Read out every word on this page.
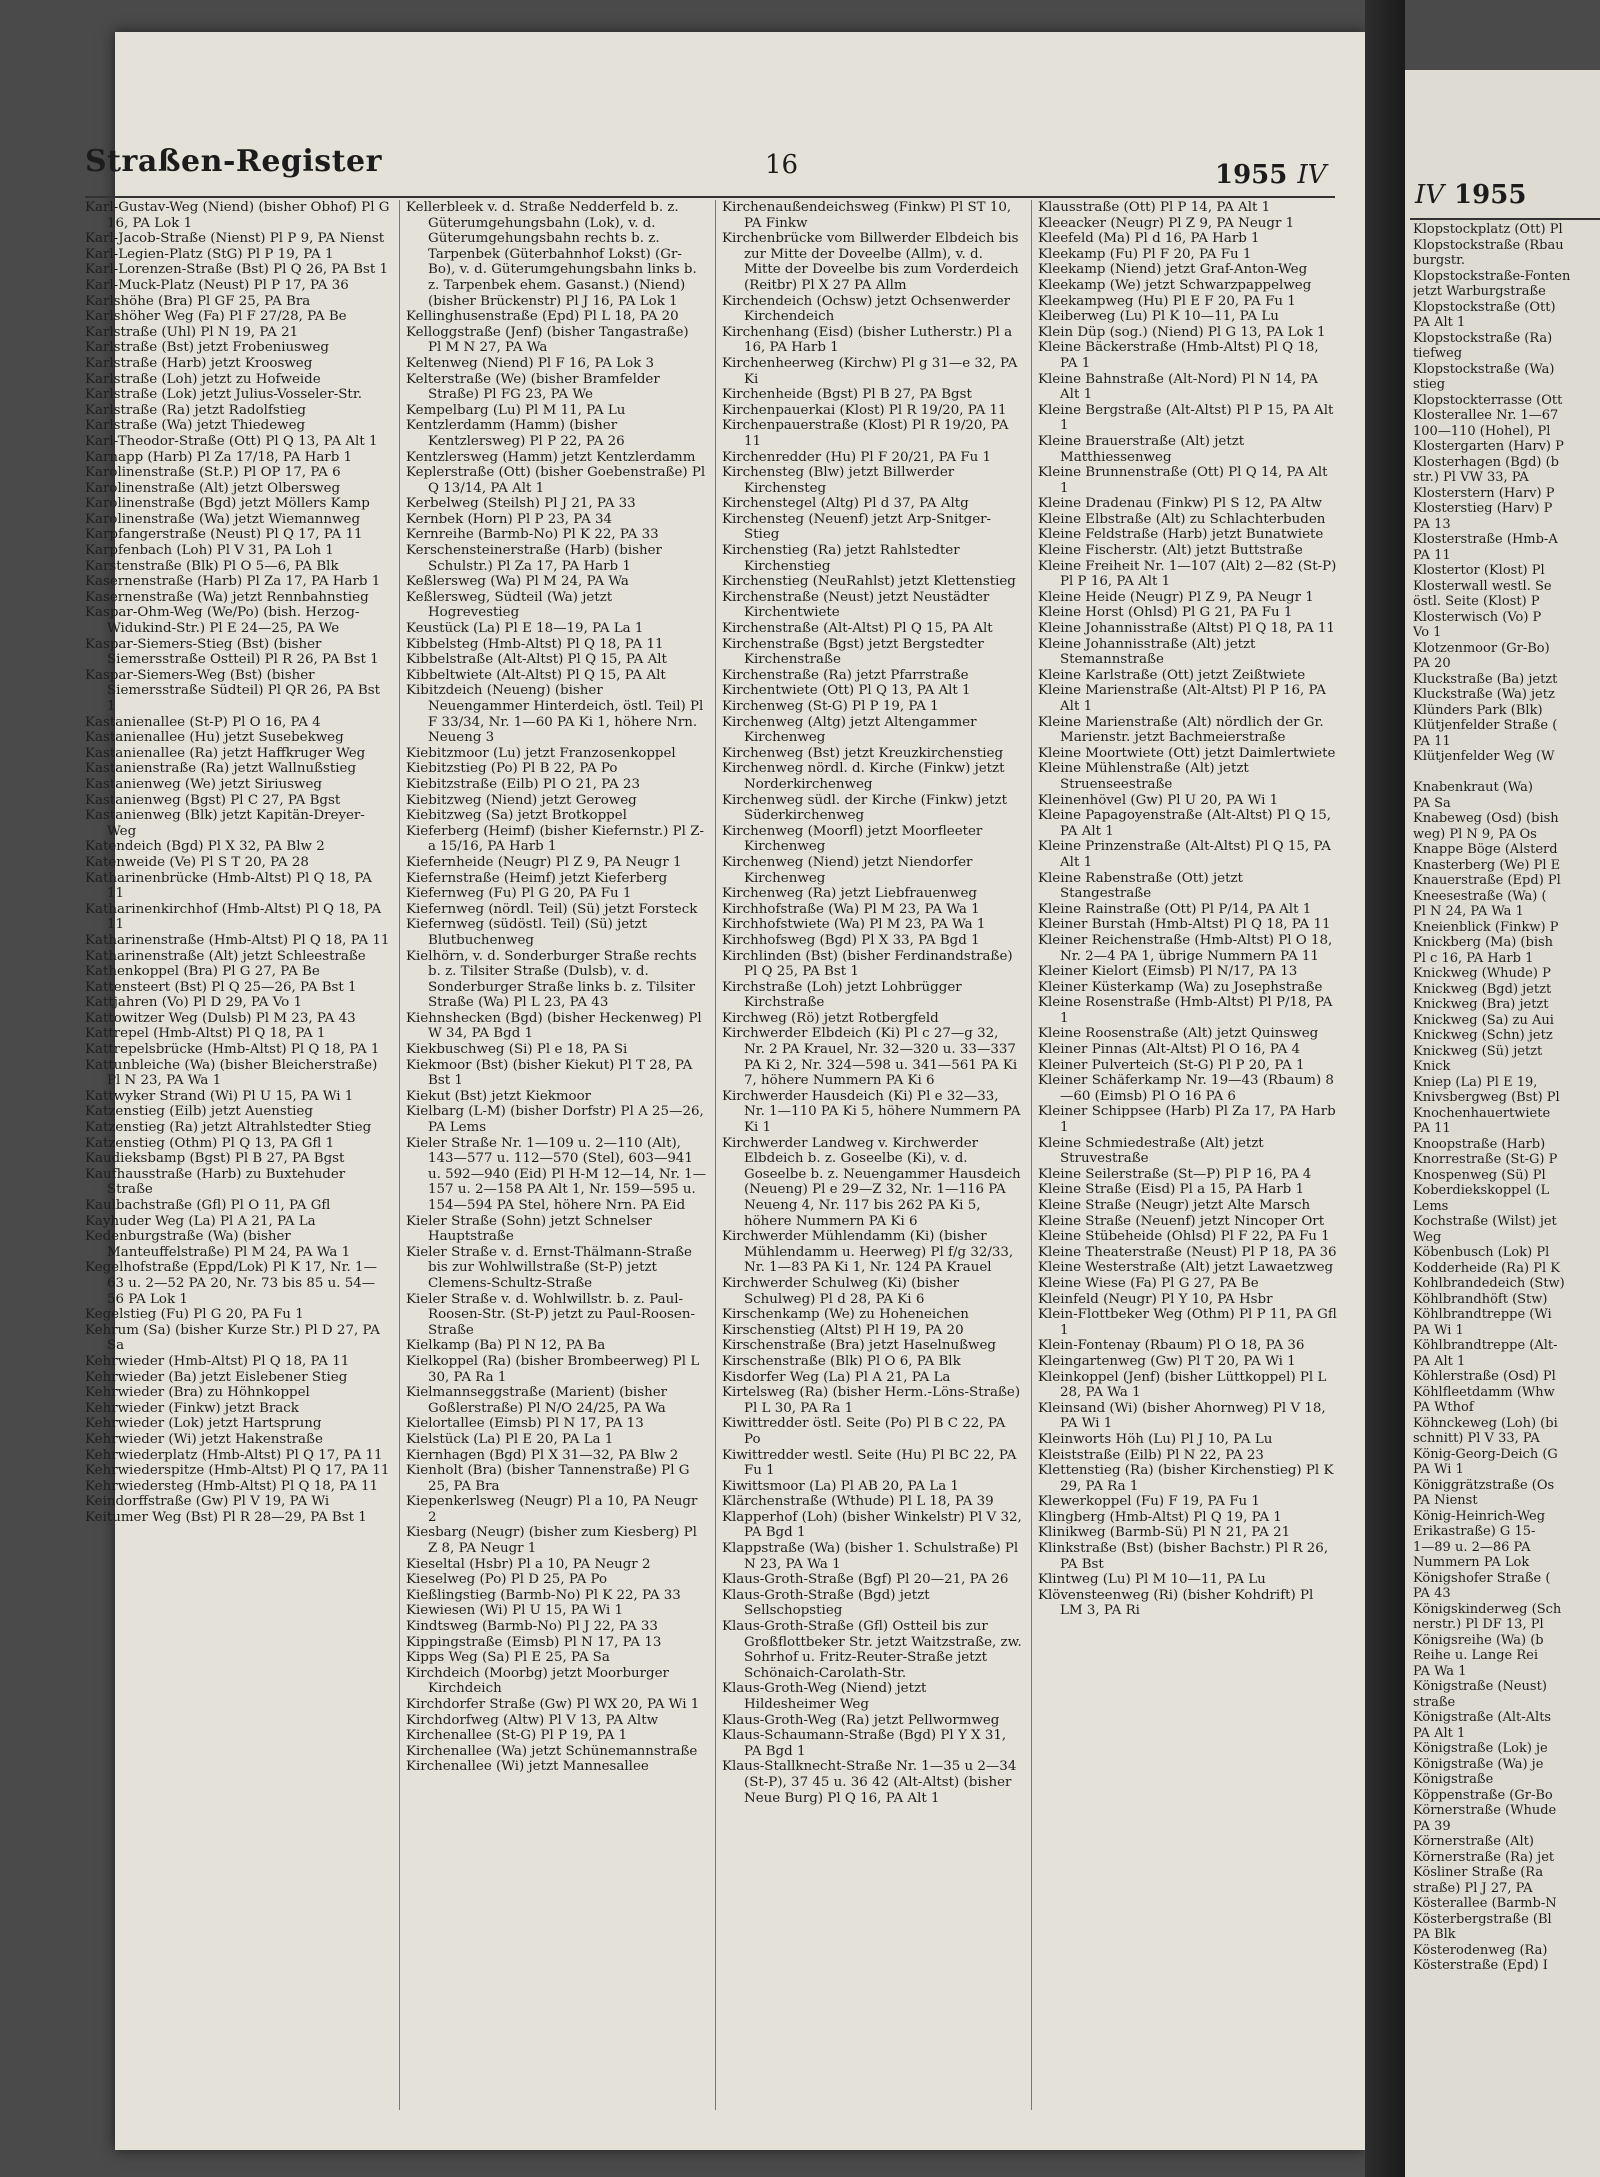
Straßen-Register	16	1955 IV

Karl-Gustav-Weg (Niend) (bisher Obhof) Pl G 16, PA Lok 1

Karl-Jacob-Straße (Nienst) Pl P 9, PA Nienst

Karl-Legien-Platz (StG) Pl P 19, PA 1

Karl-Lorenzen-Straße (Bst) Pl Q 26, PA Bst 1

Karl-Muck-Platz (Neust) Pl P 17, PA 36

Karlshöhe (Bra) Pl GF 25, PA Bra

Karlshöher Weg (Fa) Pl F 27/28, PA Be

Karlstraße (Uhl) Pl N 19, PA 21

Karlstraße (Bst) jetzt Frobeniusweg

Karlstraße (Harb) jetzt Kroosweg

Karlstraße (Loh) jetzt zu Hofweide

Karlstraße (Lok) jetzt Julius-Vosseler-Str.

Karlstraße (Ra) jetzt Radolfstieg

Karlstraße (Wa) jetzt Thiedeweg

Karl-Theodor-Straße (Ott) Pl Q 13, PA Alt 1

Karnapp (Harb) Pl Za 17/18, PA Harb 1

Karolinenstraße (St.P.) Pl OP 17, PA 6

Karolinenstraße (Alt) jetzt Olbersweg

Karolinenstraße (Bgd) jetzt Möllers Kamp

Karolinenstraße (Wa) jetzt Wiemannweg

Karpfangerstraße (Neust) Pl Q 17, PA 11

Karpfenbach (Loh) Pl V 31, PA Loh 1

Karstenstraße (Blk) Pl O 5—6, PA Blk

Kasernenstraße (Harb) Pl Za 17, PA Harb 1

Kasernenstraße (Wa) jetzt Rennbahnstieg

Kaspar-Ohm-Weg (We/Po) (bish. Herzog-Widukind-Str.) Pl E 24—25, PA We

Kaspar-Siemers-Stieg (Bst) (bisher Siemersstraße Ostteil) Pl R 26, PA Bst 1

Kaspar-Siemers-Weg (Bst) (bisher Siemersstraße Südteil) Pl QR 26, PA Bst 1

Kastanienallee (St-P) Pl O 16, PA 4

Kastanienallee (Hu) jetzt Susebekweg

Kastanienallee (Ra) jetzt Haffkruger Weg

Kastanienstraße (Ra) jetzt Wallnußstieg

Kastanienweg (We) jetzt Siriusweg

Kastanienweg (Bgst) Pl C 27, PA Bgst

Kastanienweg (Blk) jetzt Kapitän-Dreyer-Weg

Katendeich (Bgd) Pl X 32, PA Blw 2

Katenweide (Ve) Pl S T 20, PA 28

Katharinenbrücke (Hmb-Altst) Pl Q 18, PA 11

Katharinenkirchhof (Hmb-Altst) Pl Q 18, PA 11

Katharinenstraße (Hmb-Altst) Pl Q 18, PA 11

Katharinenstraße (Alt) jetzt Schleestraße

Kathenkoppel (Bra) Pl G 27, PA Be

Kattensteert (Bst) Pl Q 25—26, PA Bst 1

Kattjahren (Vo) Pl D 29, PA Vo 1

Kattowitzer Weg (Dulsb) Pl M 23, PA 43

Kattrepel (Hmb-Altst) Pl Q 18, PA 1

Kattrepelsbrücke (Hmb-Altst) Pl Q 18, PA 1

Kattunbleiche (Wa) (bisher Bleicherstraße) Pl N 23, PA Wa 1

Kattwyker Strand (Wi) Pl U 15, PA Wi 1

Katzenstieg (Eilb) jetzt Auenstieg

Katzenstieg (Ra) jetzt Altrahlstedter Stieg

Katzenstieg (Othm) Pl Q 13, PA Gfl 1

Kaudieksbamp (Bgst) Pl B 27, PA Bgst

Kaufhausstraße (Harb) zu Buxtehuder Straße

Kaulbachstraße (Gfl) Pl O 11, PA Gfl

Kayhuder Weg (La) Pl A 21, PA La

Kedenburgstraße (Wa) (bisher Manteuffelstraße) Pl M 24, PA Wa 1

Kegelhofstraße (Eppd/Lok) Pl K 17, Nr. 1—63 u. 2—52 PA 20, Nr. 73 bis 85 u. 54—56 PA Lok 1

Kegelstieg (Fu) Pl G 20, PA Fu 1

Kehrum (Sa) (bisher Kurze Str.) Pl D 27, PA Sa

Kehrwieder (Hmb-Altst) Pl Q 18, PA 11

Kehrwieder (Ba) jetzt Eislebener Stieg

Kehrwieder (Bra) zu Höhnkoppel

Kehrwieder (Finkw) jetzt Brack

Kehrwieder (Lok) jetzt Hartsprung

Kehrwieder (Wi) jetzt Hakenstraße

Kehrwiederplatz (Hmb-Altst) Pl Q 17, PA 11

Kehrwiederspitze (Hmb-Altst) Pl Q 17, PA 11

Kehrwiedersteg (Hmb-Altst) Pl Q 18, PA 11

Keindorffstraße (Gw) Pl V 19, PA Wi

Keitumer Weg (Bst) Pl R 28—29, PA Bst 1

Kellerbleek v. d. Straße Nedderfeld b. z. Güterumgehungsbahn (Lok), v. d. Güterumgehungsbahn rechts b. z. Tarpenbek (Güterbahnhof Lokst) (Gr-Bo), v. d. Güterumgehungsbahn links b. z. Tarpenbek ehem. Gasanst.) (Niend) (bisher Brückenstr) Pl J 16, PA Lok 1

Kellinghusenstraße (Epd) Pl L 18, PA 20

Kelloggstraße (Jenf) (bisher Tangastraße) Pl M N 27, PA Wa

Keltenweg (Niend) Pl F 16, PA Lok 3

Kelterstraße (We) (bisher Bramfelder Straße) Pl FG 23, PA We

Kempelbarg (Lu) Pl M 11, PA Lu

Kentzlerdamm (Hamm) (bisher Kentzlersweg) Pl P 22, PA 26

Kentzlersweg (Hamm) jetzt Kentzlerdamm

Keplerstraße (Ott) (bisher Goebenstraße) Pl Q 13/14, PA Alt 1

Kerbelweg (Steilsh) Pl J 21, PA 33

Kernbek (Horn) Pl P 23, PA 34

Kernreihe (Barmb-No) Pl K 22, PA 33

Kerschensteinerstraße (Harb) (bisher Schulstr.) Pl Za 17, PA Harb 1

Keßlersweg (Wa) Pl M 24, PA Wa

Keßlersweg, Südteil (Wa) jetzt Hogrevestieg

Keustück (La) Pl E 18—19, PA La 1

Kibbelsteg (Hmb-Altst) Pl Q 18, PA 11

Kibbelstraße (Alt-Altst) Pl Q 15, PA Alt

Kibbeltwiete (Alt-Altst) Pl Q 15, PA Alt

Kibitzdeich (Neueng) (bisher Neuengammer Hinterdeich, östl. Teil) Pl F 33/34, Nr. 1—60 PA Ki 1, höhere Nrn. Neueng 3

Kiebitzmoor (Lu) jetzt Franzosenkoppel

Kiebitzstieg (Po) Pl B 22, PA Po

Kiebitzstraße (Eilb) Pl O 21, PA 23

Kiebitzweg (Niend) jetzt Geroweg

Kiebitzweg (Sa) jetzt Brotkoppel

Kieferberg (Heimf) (bisher Kiefernstr.) Pl Z-a 15/16, PA Harb 1

Kiefernheide (Neugr) Pl Z 9, PA Neugr 1

Kiefernstraße (Heimf) jetzt Kieferberg

Kiefernweg (Fu) Pl G 20, PA Fu 1

Kiefernweg (nördl. Teil) (Sü) jetzt Forsteck

Kiefernweg (südöstl. Teil) (Sü) jetzt Blutbuchenweg

Kielhörn, v. d. Sonderburger Straße rechts b. z. Tilsiter Straße (Dulsb), v. d. Sonderburger Straße links b. z. Tilsiter Straße (Wa) Pl L 23, PA 43

Kiehnshecken (Bgd) (bisher Heckenweg) Pl W 34, PA Bgd 1

Kiekbuschweg (Si) Pl e 18, PA Si

Kiekmoor (Bst) (bisher Kiekut) Pl T 28, PA Bst 1

Kiekut (Bst) jetzt Kiekmoor

Kielbarg (L-M) (bisher Dorfstr) Pl A 25—26, PA Lems

Kieler Straße Nr. 1—109 u. 2—110 (Alt), 143—577 u. 112—570 (Stel), 603—941 u. 592—940 (Eid) Pl H-M 12—14, Nr. 1—157 u. 2—158 PA Alt 1, Nr. 159—595 u. 154—594 PA Stel, höhere Nrn. PA Eid

Kieler Straße (Sohn) jetzt Schnelser Hauptstraße

Kieler Straße v. d. Ernst-Thälmann-Straße bis zur Wohlwillstraße (St-P) jetzt Clemens-Schultz-Straße

Kieler Straße v. d. Wohlwillstr. b. z. Paul-Roosen-Str. (St-P) jetzt zu Paul-Roosen-Straße

Kielkamp (Ba) Pl N 12, PA Ba

Kielkoppel (Ra) (bisher Brombeerweg) Pl L 30, PA Ra 1

Kielmannseggstraße (Marient) (bisher Goßlerstraße) Pl N/O 24/25, PA Wa

Kielortallee (Eimsb) Pl N 17, PA 13

Kielstück (La) Pl E 20, PA La 1

Kiernhagen (Bgd) Pl X 31—32, PA Blw 2

Kienholt (Bra) (bisher Tannenstraße) Pl G 25, PA Bra

Kiepenkerlsweg (Neugr) Pl a 10, PA Neugr 2

Kiesbarg (Neugr) (bisher zum Kiesberg) Pl Z 8, PA Neugr 1

Kieseltal (Hsbr) Pl a 10, PA Neugr 2

Kieselweg (Po) Pl D 25, PA Po

Kießlingstieg (Barmb-No) Pl K 22, PA 33

Kiewiesen (Wi) Pl U 15, PA Wi 1

Kindtsweg (Barmb-No) Pl J 22, PA 33

Kippingstraße (Eimsb) Pl N 17, PA 13

Kipps Weg (Sa) Pl E 25, PA Sa

Kirchdeich (Moorbg) jetzt Moorburger Kirchdeich

Kirchdorfer Straße (Gw) Pl WX 20, PA Wi 1

Kirchdorfweg (Altw) Pl V 13, PA Altw

Kirchenallee (St-G) Pl P 19, PA 1

Kirchenallee (Wa) jetzt Schünemannstraße

Kirchenallee (Wi) jetzt Mannesallee

Kirchenaußendeichsweg (Finkw) Pl ST 10, PA Finkw

Kirchenbrücke vom Billwerder Elbdeich bis zur Mitte der Doveelbe (Allm), v. d. Mitte der Doveelbe bis zum Vorderdeich (Reitbr) Pl X 27 PA Allm

Kirchendeich (Ochsw) jetzt Ochsenwerder Kirchendeich

Kirchenhang (Eisd) (bisher Lutherstr.) Pl a 16, PA Harb 1

Kirchenheerweg (Kirchw) Pl g 31—e 32, PA Ki

Kirchenheide (Bgst) Pl B 27, PA Bgst

Kirchenpauerkai (Klost) Pl R 19/20, PA 11

Kirchenpauerstraße (Klost) Pl R 19/20, PA 11

Kirchenredder (Hu) Pl F 20/21, PA Fu 1

Kirchensteg (Blw) jetzt Billwerder Kirchensteg

Kirchenstegel (Altg) Pl d 37, PA Altg

Kirchensteg (Neuenf) jetzt Arp-Snitger-Stieg

Kirchenstieg (Ra) jetzt Rahlstedter Kirchenstieg

Kirchenstieg (NeuRahlst) jetzt Klettenstieg

Kirchenstraße (Neust) jetzt Neustädter Kirchentwiete

Kirchenstraße (Alt-Altst) Pl Q 15, PA Alt

Kirchenstraße (Bgst) jetzt Bergstedter Kirchenstraße

Kirchenstraße (Ra) jetzt Pfarrstraße

Kirchentwiete (Ott) Pl Q 13, PA Alt 1

Kirchenweg (St-G) Pl P 19, PA 1

Kirchenweg (Altg) jetzt Altengammer Kirchenweg

Kirchenweg (Bst) jetzt Kreuzkirchenstieg

Kirchenweg nördl. d. Kirche (Finkw) jetzt Norderkirchenweg

Kirchenweg südl. der Kirche (Finkw) jetzt Süderkirchenweg

Kirchenweg (Moorfl) jetzt Moorfleeter Kirchenweg

Kirchenweg (Niend) jetzt Niendorfer Kirchenweg

Kirchenweg (Ra) jetzt Liebfrauenweg

Kirchhofstraße (Wa) Pl M 23, PA Wa 1

Kirchhofstwiete (Wa) Pl M 23, PA Wa 1

Kirchhofsweg (Bgd) Pl X 33, PA Bgd 1

Kirchlinden (Bst) (bisher Ferdinandstraße) Pl Q 25, PA Bst 1

Kirchstraße (Loh) jetzt Lohbrügger Kirchstraße

Kirchweg (Rö) jetzt Rotbergfeld

Kirchwerder Elbdeich (Ki) Pl c 27—g 32, Nr. 2 PA Krauel, Nr. 32—320 u. 33—337 PA Ki 2, Nr. 324—598 u. 341—561 PA Ki 7, höhere Nummern PA Ki 6

Kirchwerder Hausdeich (Ki) Pl e 32—33, Nr. 1—110 PA Ki 5, höhere Nummern PA Ki 1

Kirchwerder Landweg v. Kirchwerder Elbdeich b. z. Goseelbe (Ki), v. d. Goseelbe b. z. Neuengammer Hausdeich (Neueng) Pl e 29—Z 32, Nr. 1—116 PA Neueng 4, Nr. 117 bis 262 PA Ki 5, höhere Nummern PA Ki 6

Kirchwerder Mühlendamm (Ki) (bisher Mühlendamm u. Heerweg) Pl f/g 32/33, Nr. 1—83 PA Ki 1, Nr. 124 PA Krauel

Kirchwerder Schulweg (Ki) (bisher Schulweg) Pl d 28, PA Ki 6

Kirschenkamp (We) zu Hoheneichen

Kirschenstieg (Altst) Pl H 19, PA 20

Kirschenstraße (Bra) jetzt Haselnußweg

Kirschenstraße (Blk) Pl O 6, PA Blk

Kisdorfer Weg (La) Pl A 21, PA La

Kirtelsweg (Ra) (bisher Herm.-Löns-Straße) Pl L 30, PA Ra 1

Kiwittredder östl. Seite (Po) Pl B C 22, PA Po

Kiwittredder westl. Seite (Hu) Pl BC 22, PA Fu 1

Kiwittsmoor (La) Pl AB 20, PA La 1

Klärchenstraße (Wthude) Pl L 18, PA 39

Klapperhof (Loh) (bisher Winkelstr) Pl V 32, PA Bgd 1

Klappstraße (Wa) (bisher 1. Schulstraße) Pl N 23, PA Wa 1

Klaus-Groth-Straße (Bgf) Pl 20—21, PA 26

Klaus-Groth-Straße (Bgd) jetzt Sellschopstieg

Klaus-Groth-Straße (Gfl) Ostteil bis zur Großflottbeker Str. jetzt Waitzstraße, zw. Sohrhof u. Fritz-Reuter-Straße jetzt Schönaich-Carolath-Str.

Klaus-Groth-Weg (Niend) jetzt Hildesheimer Weg

Klaus-Groth-Weg (Ra) jetzt Pellwormweg

Klaus-Schaumann-Straße (Bgd) Pl Y X 31, PA Bgd 1

Klaus-Stallknecht-Straße Nr. 1—35 u 2—34 (St-P), 37 45 u. 36 42 (Alt-Altst) (bisher Neue Burg) Pl Q 16, PA Alt 1

Klausstraße (Ott) Pl P 14, PA Alt 1

Kleeacker (Neugr) Pl Z 9, PA Neugr 1

Kleefeld (Ma) Pl d 16, PA Harb 1

Kleekamp (Fu) Pl F 20, PA Fu 1

Kleekamp (Niend) jetzt Graf-Anton-Weg

Kleekamp (We) jetzt Schwarzpappelweg

Kleekampweg (Hu) Pl E F 20, PA Fu 1

Kleiberweg (Lu) Pl K 10—11, PA Lu

Klein Düp (sog.) (Niend) Pl G 13, PA Lok 1

Kleine Bäckerstraße (Hmb-Altst) Pl Q 18, PA 1

Kleine Bahnstraße (Alt-Nord) Pl N 14, PA Alt 1

Kleine Bergstraße (Alt-Altst) Pl P 15, PA Alt 1

Kleine Brauerstraße (Alt) jetzt Matthiessenweg

Kleine Brunnenstraße (Ott) Pl Q 14, PA Alt 1

Kleine Dradenau (Finkw) Pl S 12, PA Altw

Kleine Elbstraße (Alt) zu Schlachterbuden

Kleine Feldstraße (Harb) jetzt Bunatwiete

Kleine Fischerstr. (Alt) jetzt Buttstraße

Kleine Freiheit Nr. 1—107 (Alt) 2—82 (St-P) Pl P 16, PA Alt 1

Kleine Heide (Neugr) Pl Z 9, PA Neugr 1

Kleine Horst (Ohlsd) Pl G 21, PA Fu 1

Kleine Johannisstraße (Altst) Pl Q 18, PA 11

Kleine Johannisstraße (Alt) jetzt Stemannstraße

Kleine Karlstraße (Ott) jetzt Zeißtwiete

Kleine Marienstraße (Alt-Altst) Pl P 16, PA Alt 1

Kleine Marienstraße (Alt) nördlich der Gr. Marienstr. jetzt Bachmeierstraße

Kleine Moortwiete (Ott) jetzt Daimlertwiete

Kleine Mühlenstraße (Alt) jetzt Struenseestraße

Kleinenhövel (Gw) Pl U 20, PA Wi 1

Kleine Papagoyenstraße (Alt-Altst) Pl Q 15, PA Alt 1

Kleine Prinzenstraße (Alt-Altst) Pl Q 15, PA Alt 1

Kleine Rabenstraße (Ott) jetzt Stangestraße

Kleine Rainstraße (Ott) Pl P/14, PA Alt 1

Kleiner Burstah (Hmb-Altst) Pl Q 18, PA 11

Kleiner Reichenstraße (Hmb-Altst) Pl O 18, Nr. 2—4 PA 1, übrige Nummern PA 11

Kleiner Kielort (Eimsb) Pl N/17, PA 13

Kleiner Küsterkamp (Wa) zu Josephstraße

Kleine Rosenstraße (Hmb-Altst) Pl P/18, PA 1

Kleine Roosenstraße (Alt) jetzt Quinsweg

Kleiner Pinnas (Alt-Altst) Pl O 16, PA 4

Kleiner Pulverteich (St-G) Pl P 20, PA 1

Kleiner Schäferkamp Nr. 19—43 (Rbaum) 8—60 (Eimsb) Pl O 16 PA 6

Kleiner Schippsee (Harb) Pl Za 17, PA Harb 1

Kleine Schmiedestraße (Alt) jetzt Struvestraße

Kleine Seilerstraße (St—P) Pl P 16, PA 4

Kleine Straße (Eisd) Pl a 15, PA Harb 1

Kleine Straße (Neugr) jetzt Alte Marsch

Kleine Straße (Neuenf) jetzt Nincoper Ort

Kleine Stübeheide (Ohlsd) Pl F 22, PA Fu 1

Kleine Theaterstraße (Neust) Pl P 18, PA 36

Kleine Westerstraße (Alt) jetzt Lawaetzweg

Kleine Wiese (Fa) Pl G 27, PA Be

Kleinfeld (Neugr) Pl Y 10, PA Hsbr

Klein-Flottbeker Weg (Othm) Pl P 11, PA Gfl 1

Klein-Fontenay (Rbaum) Pl O 18, PA 36

Kleingartenweg (Gw) Pl T 20, PA Wi 1

Kleinkoppel (Jenf) (bisher Lüttkoppel) Pl L 28, PA Wa 1

Kleinsand (Wi) (bisher Ahornweg) Pl V 18, PA Wi 1

Kleinworts Höh (Lu) Pl J 10, PA Lu

Kleiststraße (Eilb) Pl N 22, PA 23

Klettenstieg (Ra) (bisher Kirchenstieg) Pl K 29, PA Ra 1

Klewerkoppel (Fu) F 19, PA Fu 1

Klingberg (Hmb-Altst) Pl Q 19, PA 1

Klinikweg (Barmb-Sü) Pl N 21, PA 21

Klinkstraße (Bst) (bisher Bachstr.) Pl R 26, PA Bst

Klintweg (Lu) Pl M 10—11, PA Lu

Klövensteenweg (Ri) (bisher Kohdrift) Pl LM 3, PA Ri

IV 1955
Klopstockplatz (Ott) Pl
Klopstockstraße (Rbau
burgstr.
Klopstockstraße-Fonten
jetzt Warburgstraße
Klopstockstraße (Ott)
PA Alt 1
Klopstockstraße (Ra)
tiefweg
Klopstockstraße (Wa)
stieg
Klopstockterrasse (Ott
Klosterallee Nr. 1—67
100—110 (Hohel), Pl
Klostergarten (Harv) P
Klosterhagen (Bgd) (b
str.) Pl VW 33, PA
Klosterstern (Harv) P
Klosterstieg (Harv) P
PA 13
Klosterstraße (Hmb-A
PA 11
Klostertor (Klost) Pl
Klosterwall westl. Se
östl. Seite (Klost) P
Klosterwisch (Vo) P
Vo 1
Klotzenmoor (Gr-Bo)
PA 20
Kluckstraße (Ba) jetzt
Kluckstraße (Wa) jetz
Klünders Park (Blk)
Klütjenfelder Straße (
PA 11
Klütjenfelder Weg (W
Knabenkraut (Wa)
PA Sa
Knabeweg (Osd) (bish
weg) Pl N 9, PA Os
Knappe Böge (Alsterd
Knasterberg (We) Pl E
Knauerstraße (Epd) Pl
Kneesestraße (Wa) (
Pl N 24, PA Wa 1
Kneienblick (Finkw) P
Knickberg (Ma) (bish
Pl c 16, PA Harb 1
Knickweg (Whude) P
Knickweg (Bgd) jetzt
Knickweg (Bra) jetzt
Knickweg (Sa) zu Aui
Knickweg (Schn) jetz
Knickweg (Sü) jetzt
Knick
Kniep (La) Pl E 19,
Knivsbergweg (Bst) Pl
Knochenhauertwiete
PA 11
Knoopstraße (Harb)
Knorrestraße (St-G) P
Knospenweg (Sü) Pl
Koberdiekskoppel (L
Lems
Kochstraße (Wilst) jet
Weg
Köbenbusch (Lok) Pl
Kodderheide (Ra) Pl K
Kohlbrandedeich (Stw)
Köhlbrandhöft (Stw)
Köhlbrandtreppe (Wi
PA Wi 1
Köhlbrandtreppe (Alt-
PA Alt 1
Köhlerstraße (Osd) Pl
Köhlfleetdamm (Whw
PA Wthof
Köhnckeweg (Loh) (bi
schnitt) Pl V 33, PA
König-Georg-Deich (G
PA Wi 1
Königgrätzstraße (Os
PA Nienst
König-Heinrich-Weg
Erikastraße) G 15-
1—89 u. 2—86 PA
Nummern PA Lok
Königshofer Straße (
PA 43
Königskinderweg (Sch
nerstr.) Pl DF 13, Pl
Königsreihe (Wa) (b
Reihe u. Lange Rei
PA Wa 1
Königstraße (Neust)
straße
Königstraße (Alt-Alts
PA Alt 1
Königstraße (Lok) je
Königstraße (Wa) je
Königstraße
Köppenstraße (Gr-Bo
Körnerstraße (Whude
PA 39
Körnerstraße (Alt)
Körnerstraße (Ra) jet
Kösliner Straße (Ra
straße) Pl J 27, PA
Kösterallee (Barmb-N
Kösterbergstraße (Bl
PA Blk
Kösterodenweg (Ra)
Kösterstraße (Epd) I
